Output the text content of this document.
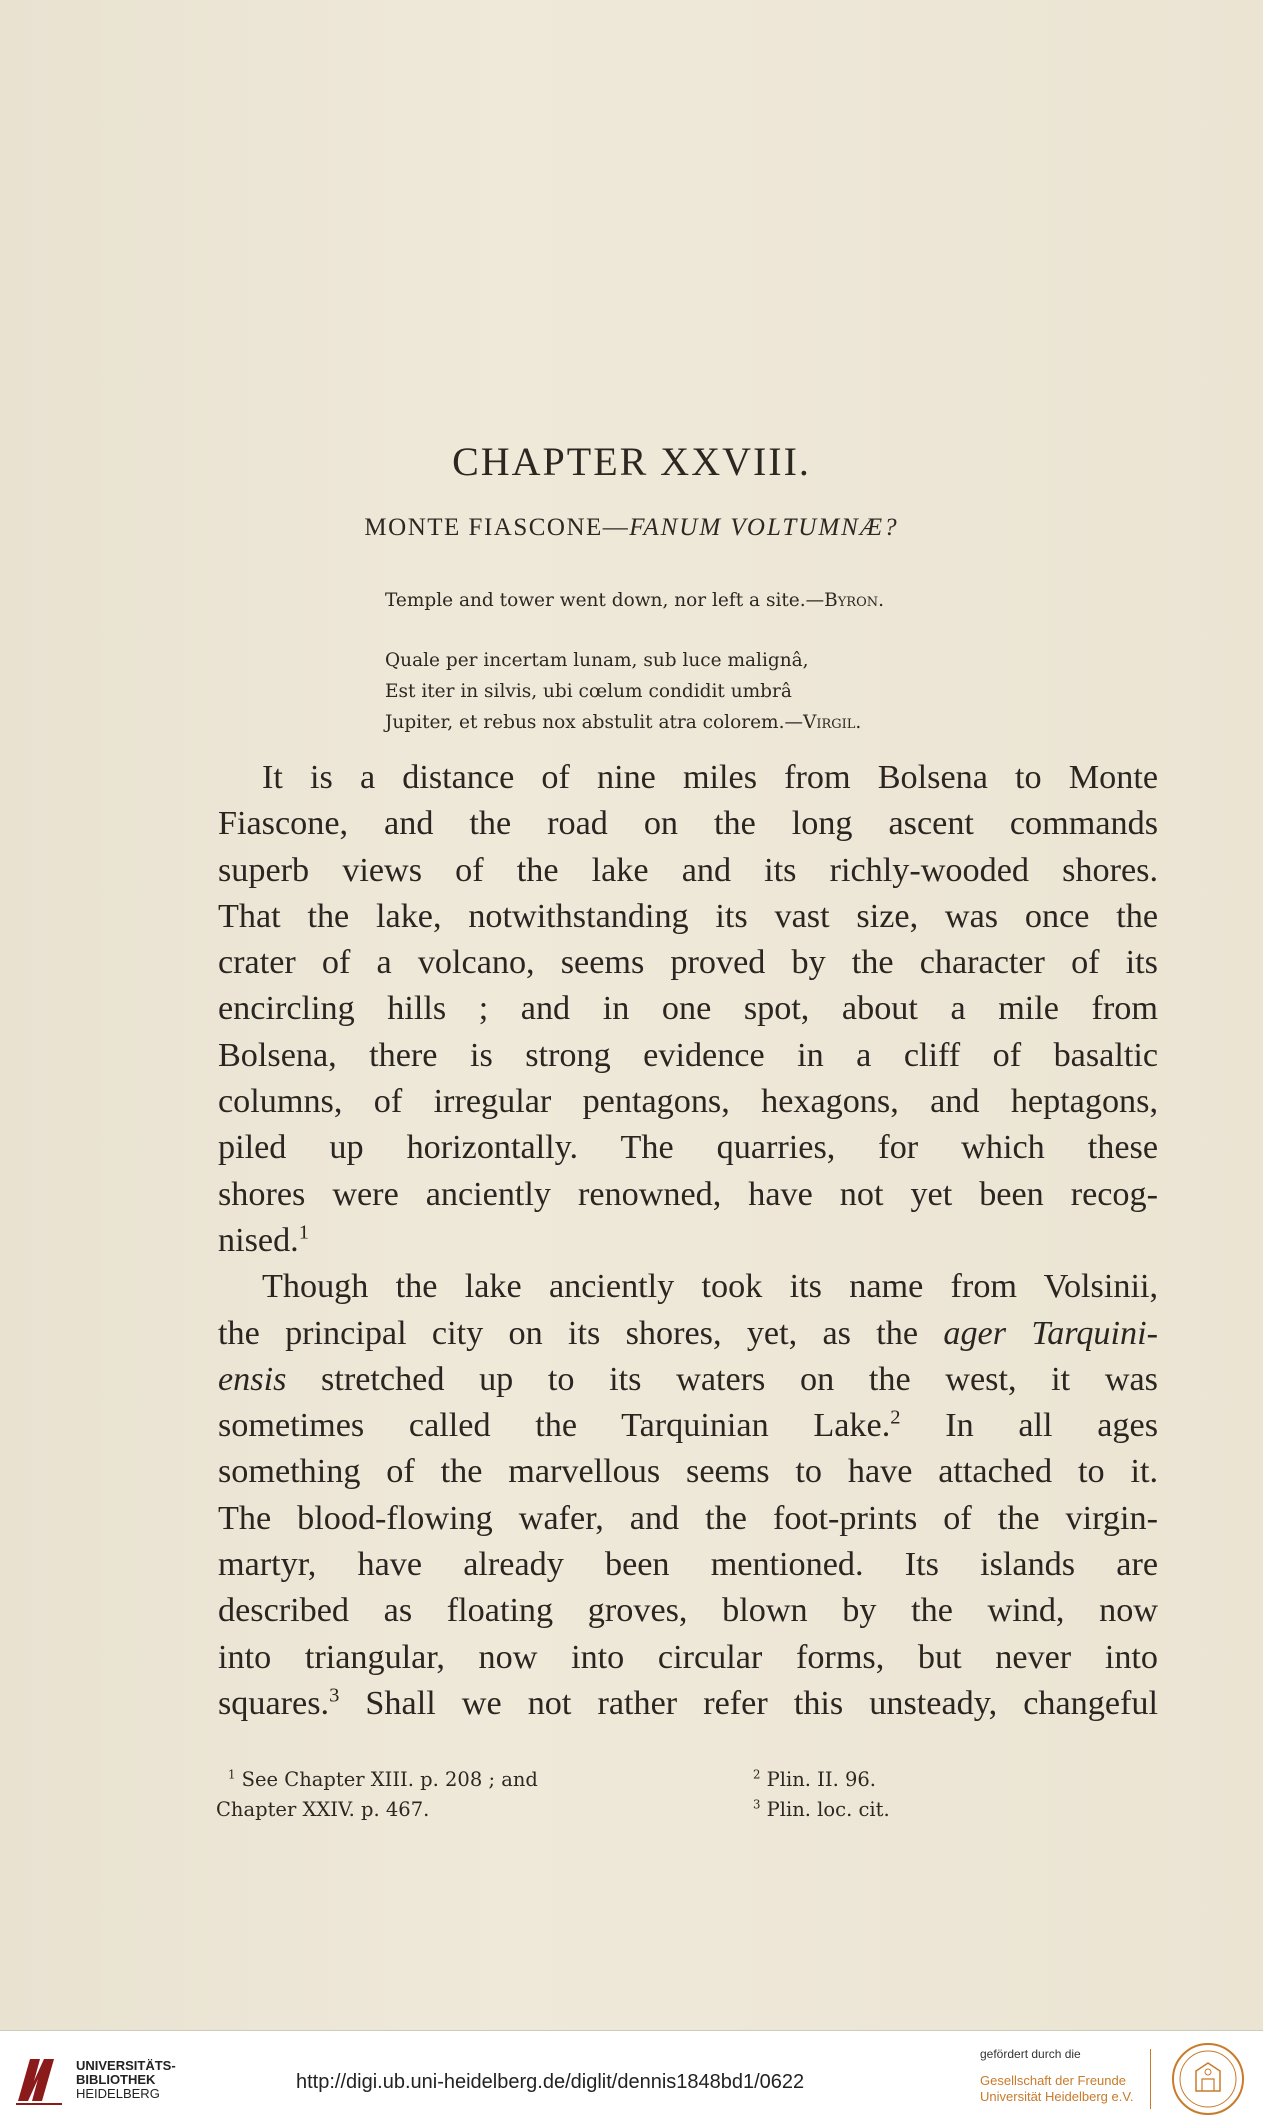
CHAPTER XXVIII.
MONTE FIASCONE—FANUM VOLTUMNÆ?
Temple and tower went down, nor left a site.—Byron.
Quale per incertam lunam, sub luce malignâ,
Est iter in silvis, ubi cœlum condidit umbrâ
Jupiter, et rebus nox abstulit atra colorem.—Virgil.
It is a distance of nine miles from Bolsena to Monte
Fiascone, and the road on the long ascent commands
superb views of the lake and its richly-wooded shores.
That the lake, notwithstanding its vast size, was once the
crater of a volcano, seems proved by the character of its
encircling hills ; and in one spot, about a mile from
Bolsena, there is strong evidence in a cliff of basaltic
columns, of irregular pentagons, hexagons, and heptagons,
piled up horizontally. The quarries, for which these
shores were anciently renowned, have not yet been recog-
nised.$^1$
Though the lake anciently took its name from Volsinii,
the principal city on its shores, yet, as the ager Tarquini-
ensis stretched up to its waters on the west, it was
sometimes called the Tarquinian Lake.$^2$ In all ages
something of the marvellous seems to have attached to it.
The blood-flowing wafer, and the foot-prints of the virgin-
martyr, have already been mentioned. Its islands are
described as floating groves, blown by the wind, now
into triangular, now into circular forms, but never into
squares.$^3$ Shall we not rather refer this unsteady, changeful
$^1$ See Chapter XIII. p. 208 ; and
Chapter XXIV. p. 467.
$^2$ Plin. II. 96.
$^3$ Plin. loc. cit.
UNIVERSITÄTS-
BIBLIOTHEK
HEIDELBERG
http://digi.ub.uni-heidelberg.de/diglit/dennis1848bd1/0622
gefördert durch die
Gesellschaft der Freunde
Universität Heidelberg e.V.
